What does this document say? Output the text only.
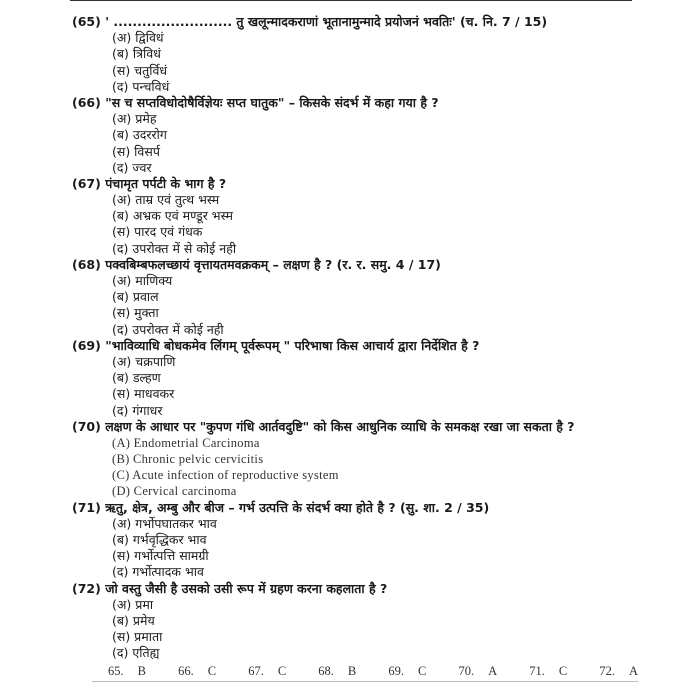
(65) ' ......................... तु खलून्मादकराणां भूतानामुन्मादे प्रयोजनं भवतिः' (च. नि. 7 / 15)
(अ) द्विविधं
(ब) त्रिविधं
(स) चतुर्विधं
(द) पन्चविधं
(66) "स च सप्तविधोदोषैर्विज्ञेयः सप्त घातुक" – किसके संदर्भ में कहा गया है ?
(अ) प्रमेह
(ब) उदररोग
(स) विसर्प
(द) ज्वर
(67) पंचामृत पर्पटी के भाग है ?
(अ) ताम्र एवं तुत्थ भस्म
(ब) अभ्रक एवं मण्डूर भस्म
(स) पारद एवं गंधक
(द) उपरोक्त में से कोई नही
(68) पक्वबिम्बफलच्छायं वृत्तायतमवक्रकम् – लक्षण है ? (र. र. समु. 4 / 17)
(अ) माणिक्य
(ब) प्रवाल
(स) मुक्ता
(द) उपरोक्त में कोई नही
(69) "भाविव्याधि बोधकमेव लिंगम् पूर्वरूपम् " परिभाषा किस आचार्य द्वारा निर्देशित है ?
(अ) चक्रपाणि
(ब) डल्हण
(स) माधवकर
(द) गंगाधर
(70) लक्षण के आधार पर "कुपण गंधि आर्तवदुष्टि" को किस आधुनिक व्याधि के समकक्ष रखा जा सकता है ?
(A) Endometrial Carcinoma
(B) Chronic pelvic cervicitis
(C) Acute infection of reproductive system
(D) Cervical carcinoma
(71) ऋतु, क्षेत्र, अम्बु और बीज – गर्भ उत्पत्ति के संदर्भ क्या होते है ? (सु. शा. 2 / 35)
(अ) गर्भोपघातकर भाव
(ब) गर्भवृद्धिकर भाव
(स) गर्भोत्पत्ति सामग्री
(द) गर्भोत्पादक भाव
(72) जो वस्तु जैसी है उसको उसी रूप में ग्रहण करना कहलाता है ?
(अ) प्रमा
(ब) प्रमेय
(स) प्रमाता
(द) एतिह्य
65. B	66. C	67. C	68. B	69. C	70. A	71. C	72. A
